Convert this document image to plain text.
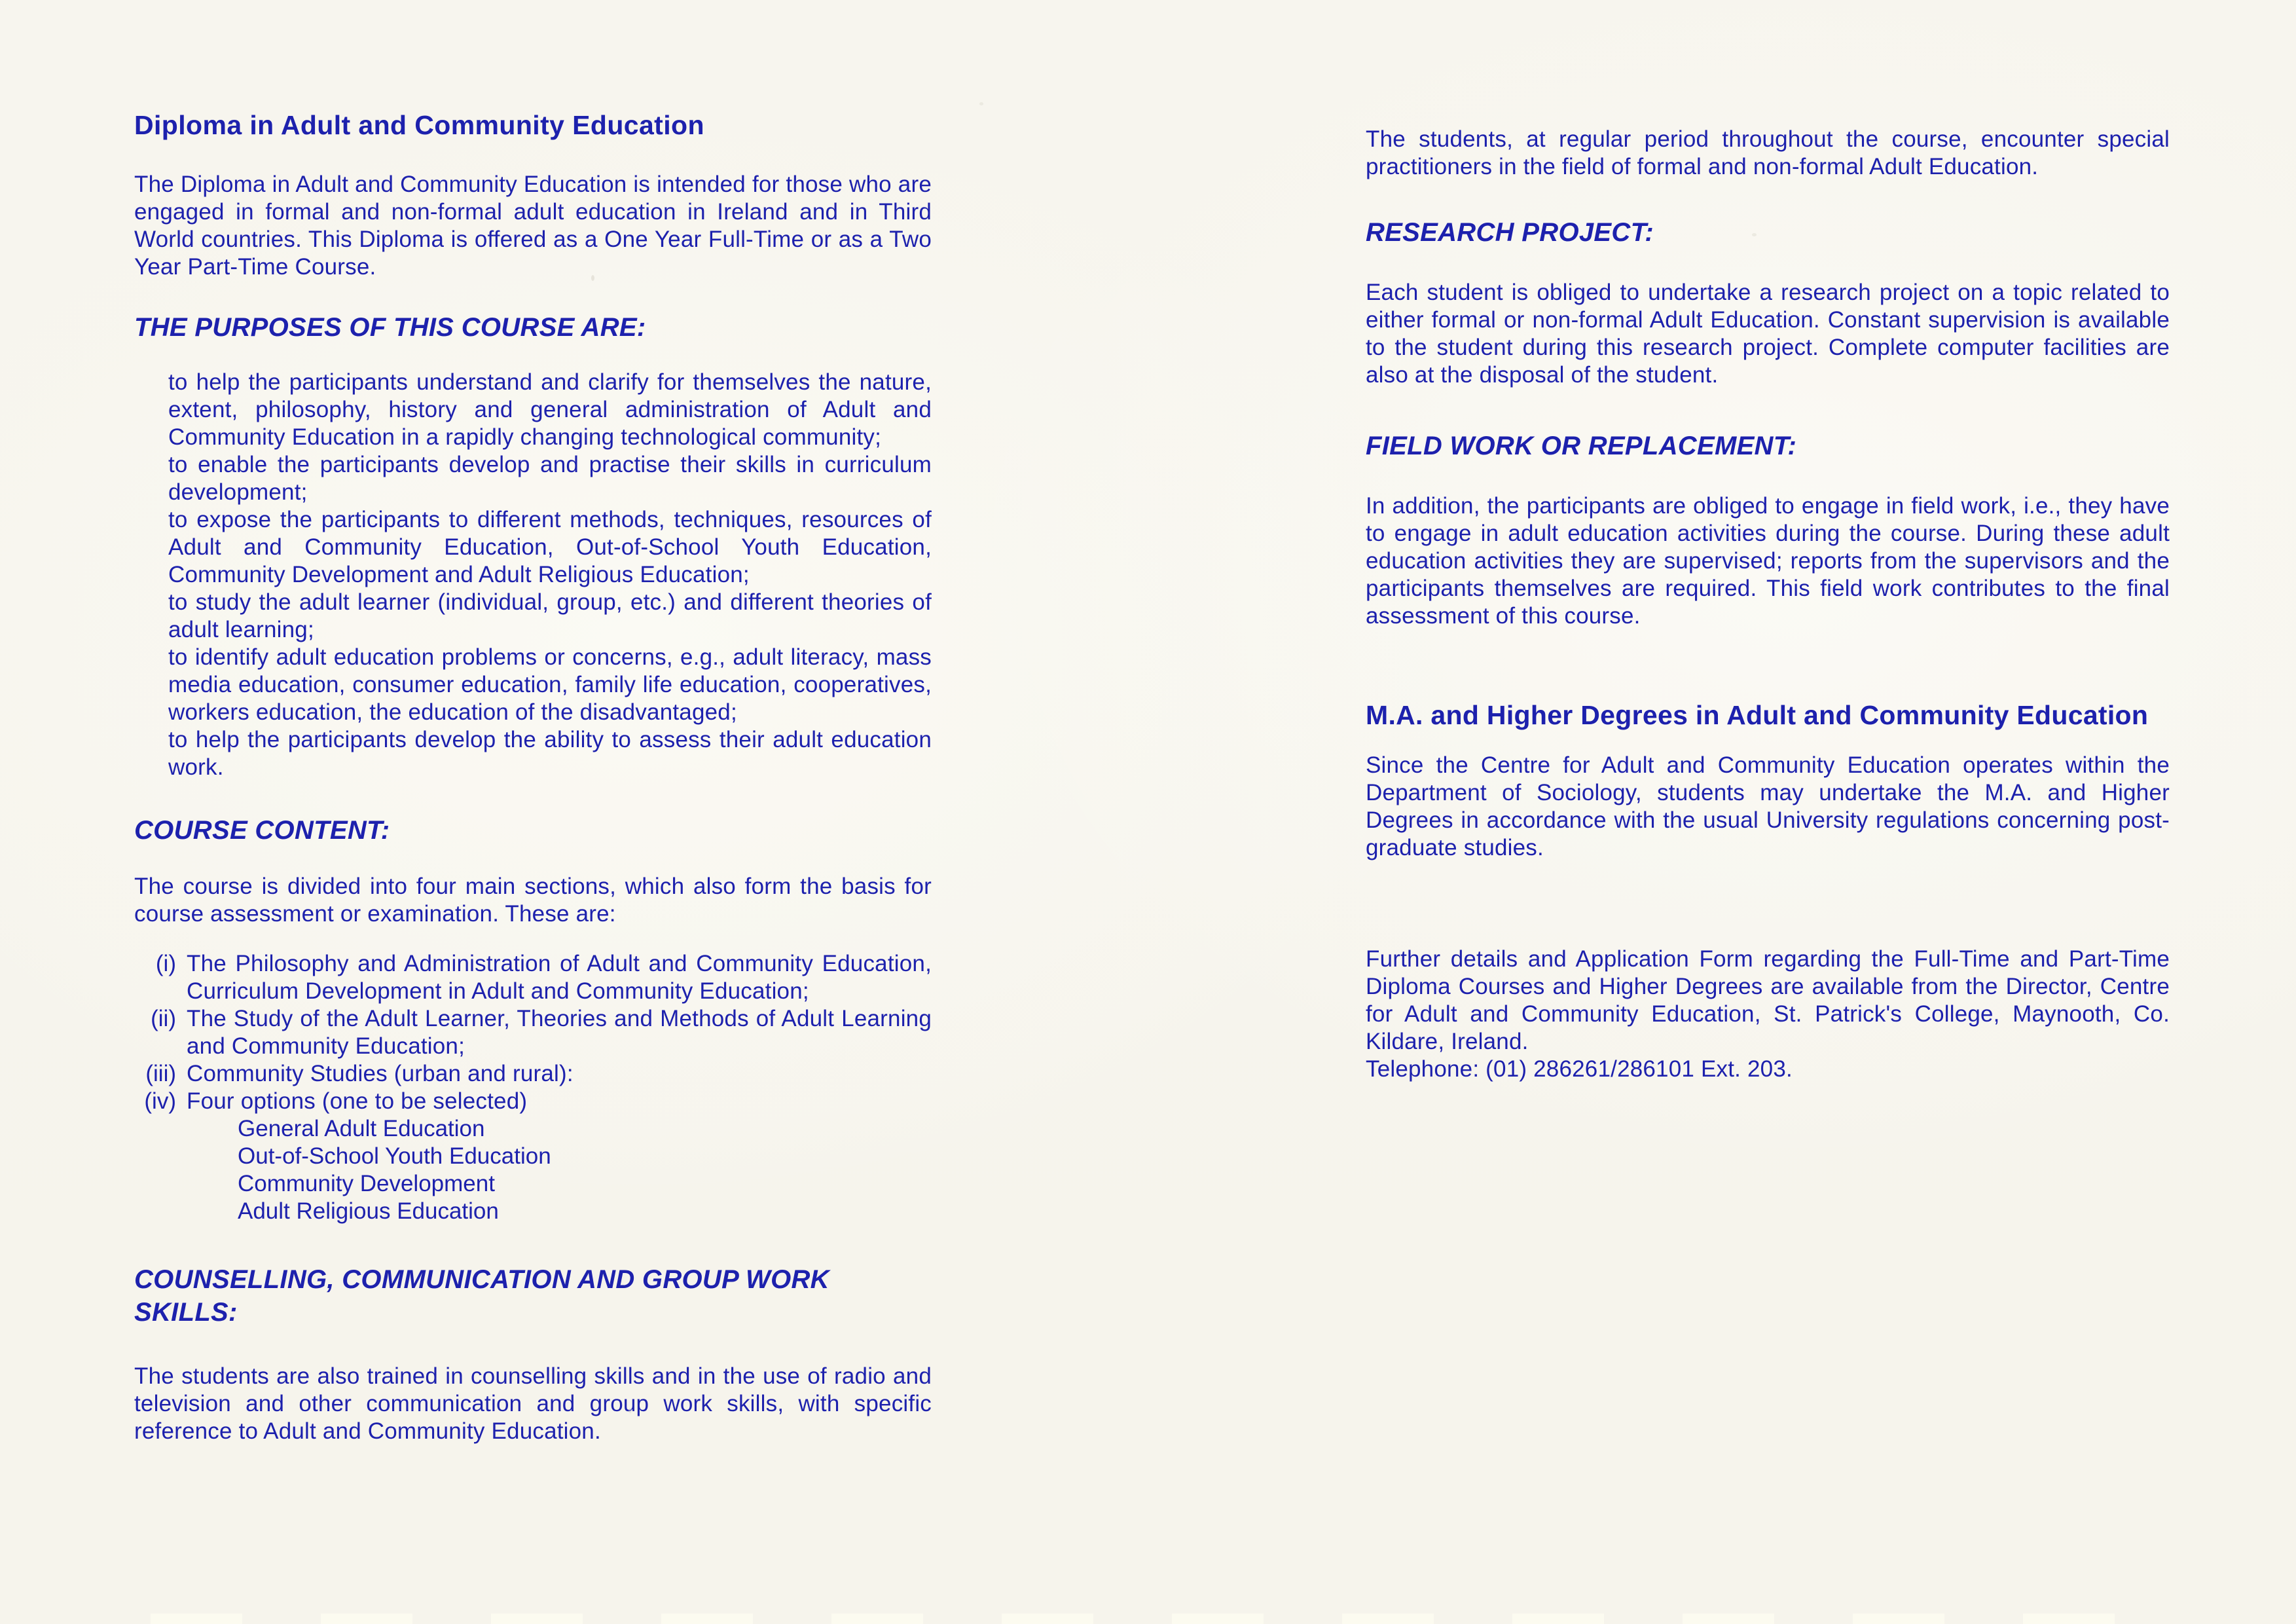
Diploma in Adult and Community Education

The Diploma in Adult and Community Education is intended for those who are engaged in formal and non-formal adult education in Ireland and in Third World countries. This Diploma is offered as a One Year Full-Time or as a Two Year Part-Time Course.

THE PURPOSES OF THIS COURSE ARE:

to help the participants understand and clarify for themselves the nature, extent, philosophy, history and general administration of Adult and Community Education in a rapidly changing technological community;

to enable the participants develop and practise their skills in curriculum development;

to expose the participants to different methods, techniques, resources of Adult and Community Education, Out-of-School Youth Education, Community Development and Adult Religious Education;

to study the adult learner (individual, group, etc.) and different theories of adult learning;

to identify adult education problems or concerns, e.g., adult literacy, mass media education, consumer education, family life education, cooperatives, workers education, the education of the disadvantaged;

to help the participants develop the ability to assess their adult education work.

COURSE CONTENT:

The course is divided into four main sections, which also form the basis for course assessment or examination. These are:

(i) The Philosophy and Administration of Adult and Community Education, Curriculum Development in Adult and Community Education;
(ii) The Study of the Adult Learner, Theories and Methods of Adult Learning and Community Education;
(iii) Community Studies (urban and rural):
(iv) Four options (one to be selected)

General Adult Education

Out-of-School Youth Education

Community Development

Adult Religious Education

COUNSELLING, COMMUNICATION AND GROUP WORK SKILLS:

The students are also trained in counselling skills and in the use of radio and television and other communication and group work skills, with specific reference to Adult and Community Education.

The students, at regular period throughout the course, encounter special practitioners in the field of formal and non-formal Adult Education.

RESEARCH PROJECT:

Each student is obliged to undertake a research project on a topic related to either formal or non-formal Adult Education. Constant supervision is available to the student during this research project. Complete computer facilities are also at the disposal of the student.

FIELD WORK OR REPLACEMENT:

In addition, the participants are obliged to engage in field work, i.e., they have to engage in adult education activities during the course. During these adult education activities they are supervised; reports from the supervisors and the participants themselves are required. This field work contributes to the final assessment of this course.

M.A. and Higher Degrees in Adult and Community Education

Since the Centre for Adult and Community Education operates within the Department of Sociology, students may undertake the M.A. and Higher Degrees in accordance with the usual University regulations concerning post-graduate studies.

Further details and Application Form regarding the Full-Time and Part-Time Diploma Courses and Higher Degrees are available from the Director, Centre for Adult and Community Education, St. Patrick's College, Maynooth, Co. Kildare, Ireland.

Telephone: (01) 286261/286101 Ext. 203.
